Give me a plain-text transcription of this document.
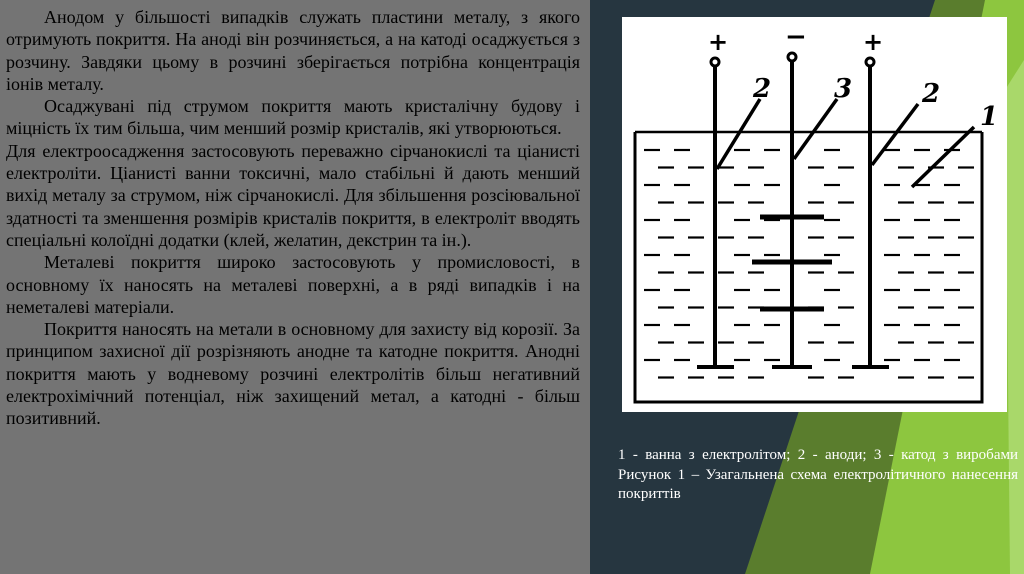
Анодом у більшості випадків служать пластини металу, з якого отримують покриття. На аноді він розчиняється, а на катоді осаджується з розчину. Завдяки цьому в розчині зберігається потрібна концентрація іонів металу.

Осаджувані під струмом покриття мають кристалічну будову і міцність їх тим більша, чим менший розмір кристалів, які утворюються.

Для електроосадження застосовують переважно сірчанокислі та ціанисті електроліти. Ціанисті ванни токсичні, мало стабільні й дають менший вихід металу за струмом, ніж сірчанокислі. Для збільшення розсіювальної здатності та зменшення розмірів кристалів покриття, в електроліт вводять спеціальні колоїдні додатки (клей, желатин, декстрин та ін.).

Металеві покриття широко застосовують у промисловості, в основному їх наносять на металеві поверхні, а в ряді випадків і на неметалеві матеріали.

Покриття наносять на метали в основному для захисту від корозії. За принципом захисної дії розрізняють анодне та катодне покриття. Анодні покриття мають у водневому розчині електролітів більш негативний електрохімічний потенціал, ніж захищений метал, а катодні - більш позитивний.

+ − +
2 3	2
1
1 - ванна з електролітом; 2 - аноди; 3 - катод з виробами Рисунок 1 – Узагальнена схема електролітичного нанесення покриттів
